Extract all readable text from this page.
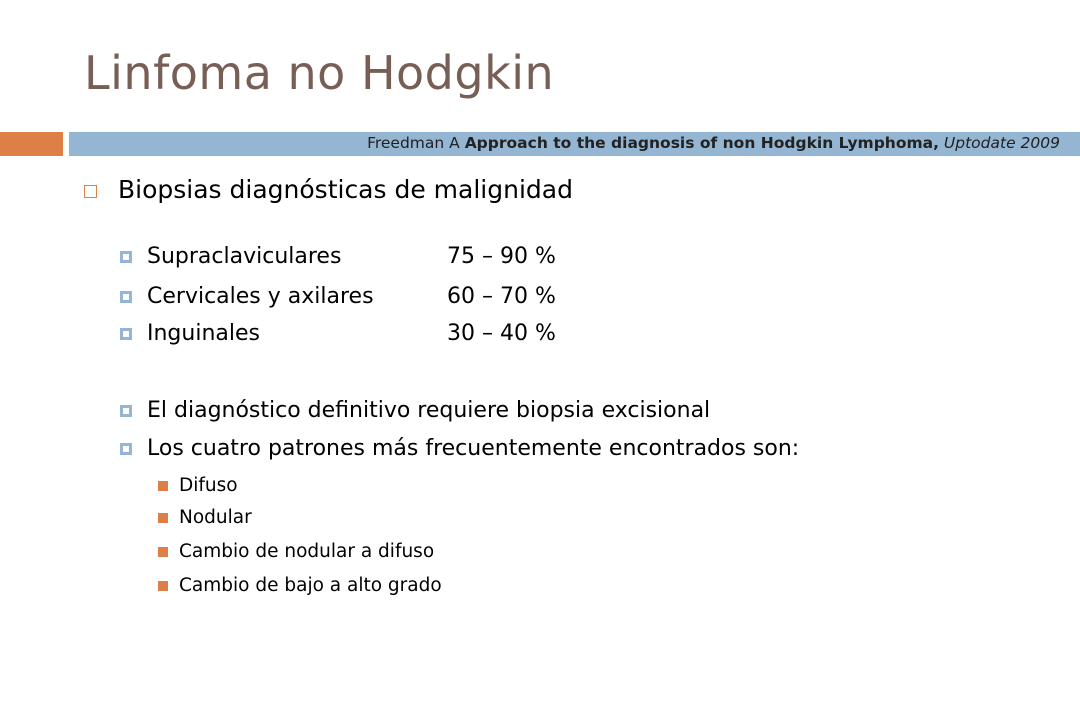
Linfoma no Hodgkin
Freedman A Approach to the diagnosis of non Hodgkin Lymphoma, Uptodate 2009
Biopsias diagnósticas de malignidad
Supraclaviculares	75 – 90 %
Cervicales y axilares	60 – 70 %
Inguinales	30 – 40 %
El diagnóstico definitivo requiere biopsia excisional
Los cuatro patrones más frecuentemente encontrados son:
Difuso
Nodular
Cambio de nodular a difuso
Cambio de bajo a alto grado
